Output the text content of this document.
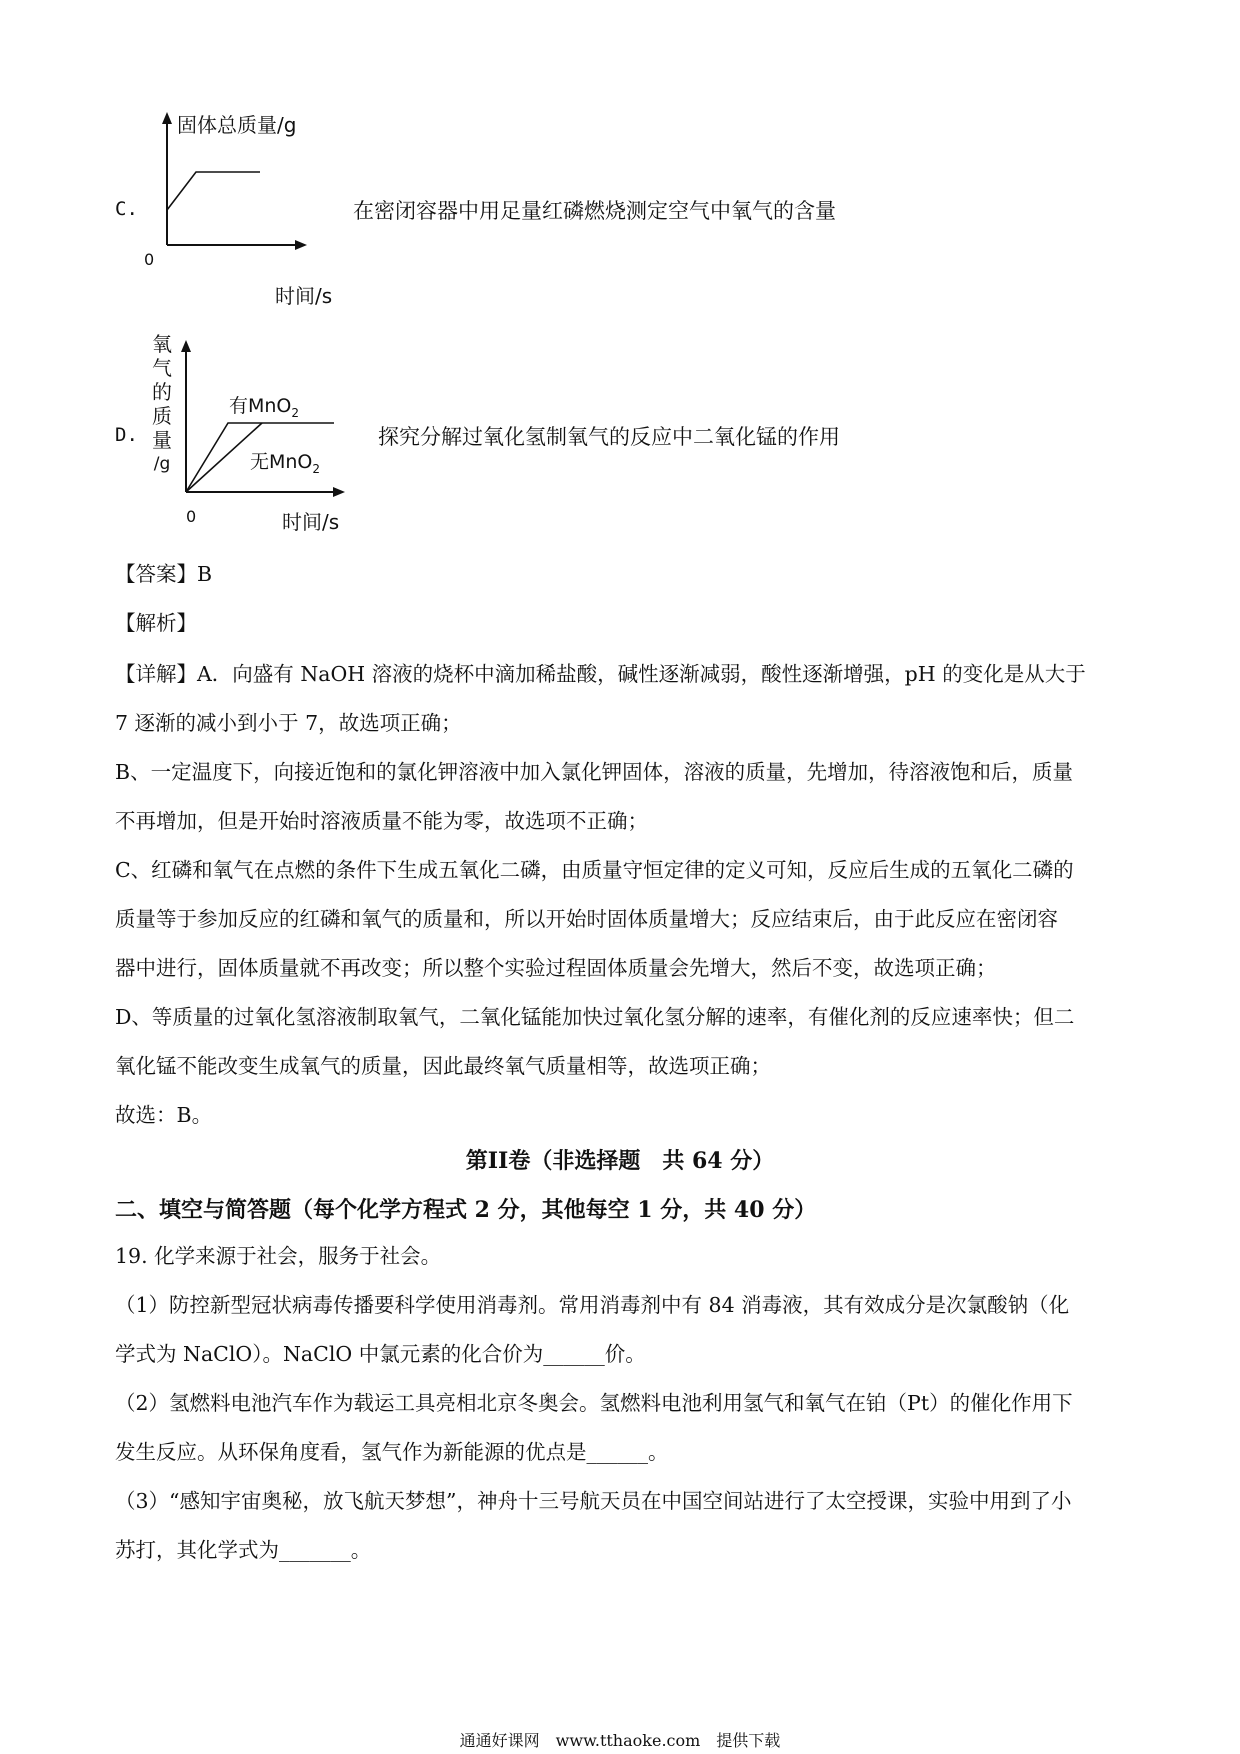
C.
固体总质量/g
0
时间/s
在密闭容器中用足量红磷燃烧测定空气中氧气的含量
D.
氧
气
的
质
量
/g
有MnO$_2$
无MnO$_2$
0	时间/s
探究分解过氧化氢制氧气的反应中二氧化锰的作用
【答案】B
【解析】
【详解】A．向盛有 NaOH 溶液的烧杯中滴加稀盐酸，碱性逐渐减弱，酸性逐渐增强，pH 的变化是从大于
7 逐渐的减小到小于 7，故选项正确；
B、一定温度下，向接近饱和的氯化钾溶液中加入氯化钾固体，溶液的质量，先增加，待溶液饱和后，质量
不再增加，但是开始时溶液质量不能为零，故选项不正确；
C、红磷和氧气在点燃的条件下生成五氧化二磷，由质量守恒定律的定义可知，反应后生成的五氧化二磷的
质量等于参加反应的红磷和氧气的质量和，所以开始时固体质量增大；反应结束后，由于此反应在密闭容
器中进行，固体质量就不再改变；所以整个实验过程固体质量会先增大，然后不变，故选项正确；
D、等质量的过氧化氢溶液制取氧气，二氧化锰能加快过氧化氢分解的速率，有催化剂的反应速率快；但二
氧化锰不能改变生成氧气的质量，因此最终氧气质量相等，故选项正确；
故选：B。
第II卷（非选择题　共 64 分）
二、填空与简答题（每个化学方程式 2 分，其他每空 1 分，共 40 分）
19. 化学来源于社会，服务于社会。
（1）防控新型冠状病毒传播要科学使用消毒剂。常用消毒剂中有 84 消毒液，其有效成分是次氯酸钠（化
学式为 NaClO）。NaClO 中氯元素的化合价为______价。
（2）氢燃料电池汽车作为载运工具亮相北京冬奥会。氢燃料电池利用氢气和氧气在铂（Pt）的催化作用下
发生反应。从环保角度看，氢气作为新能源的优点是______。
（3）“感知宇宙奥秘，放飞航天梦想”，神舟十三号航天员在中国空间站进行了太空授课，实验中用到了小
苏打，其化学式为_______。
通通好课网　www.tthaoke.com　提供下载
